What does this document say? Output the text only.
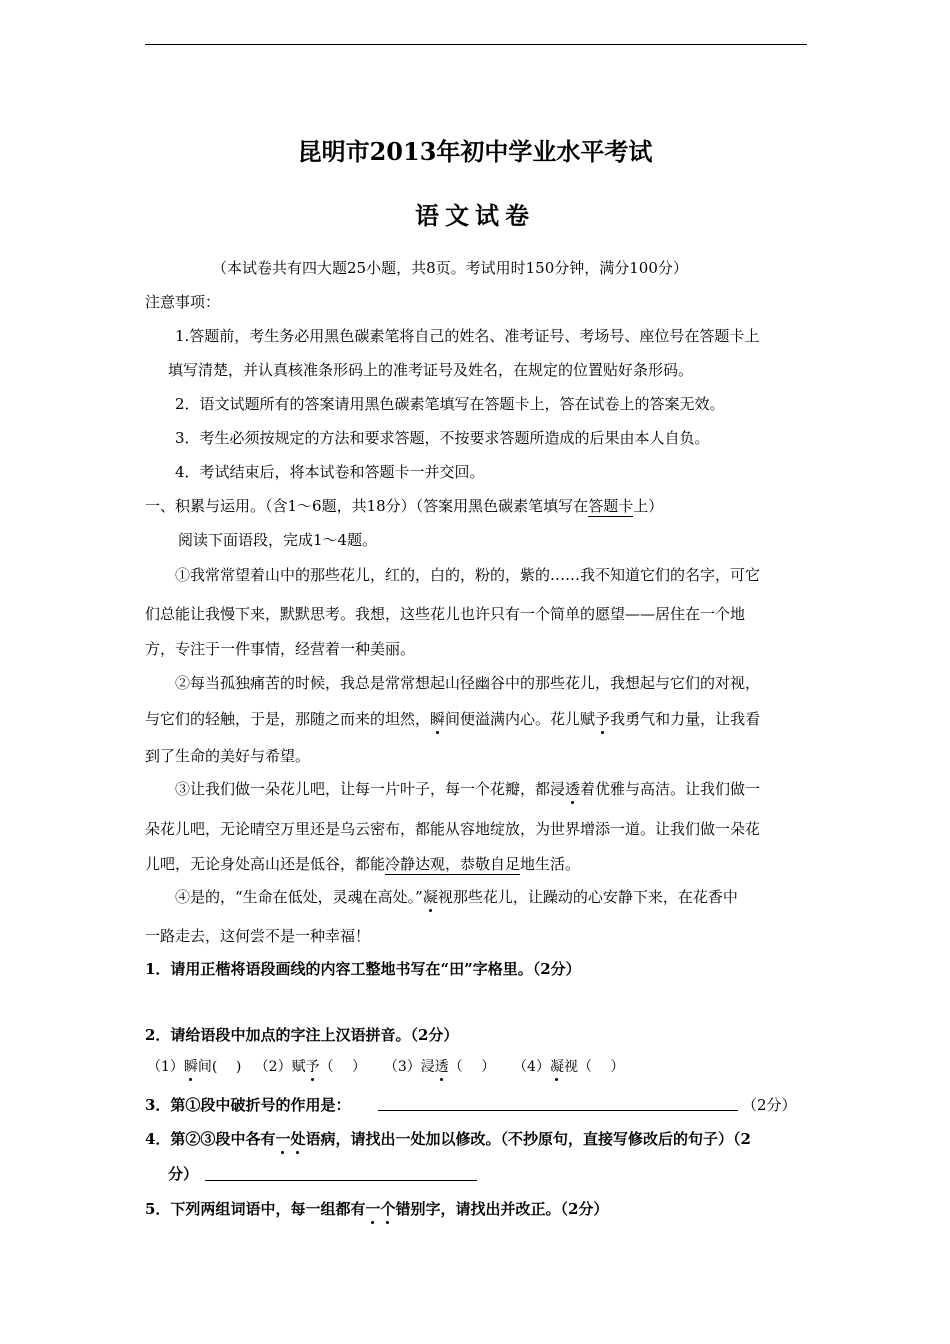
昆明市2013年初中学业水平考试
语文试卷
（本试卷共有四大题25小题，共8页。考试用时150分钟，满分100分）
注意事项：
1.答题前，考生务必用黑色碳素笔将自己的姓名、准考证号、考场号、座位号在答题卡上
填写清楚，并认真核准条形码上的准考证号及姓名，在规定的位置贴好条形码。
2．语文试题所有的答案请用黑色碳素笔填写在答题卡上，答在试卷上的答案无效。
3．考生必须按规定的方法和要求答题，不按要求答题所造成的后果由本人自负。
4．考试结束后，将本试卷和答题卡一并交回。
一、积累与运用。（含1～6题，共18分）（答案用黑色碳素笔填写在答题卡上）
阅读下面语段，完成1～4题。
①我常常望着山中的那些花儿，红的，白的，粉的，紫的……我不知道它们的名字，可它
们总能让我慢下来，默默思考。我想，这些花儿也许只有一个简单的愿望——居住在一个地
方，专注于一件事情，经营着一种美丽。
②每当孤独痛苦的时候，我总是常常想起山径幽谷中的那些花儿，我想起与它们的对视，
与它们的轻触，于是，那随之而来的坦然，瞬间便溢满内心。花儿赋予我勇气和力量，让我看
到了生命的美好与希望。
③让我们做一朵花儿吧，让每一片叶子，每一个花瓣，都浸透着优雅与高洁。让我们做一
朵花儿吧，无论晴空万里还是乌云密布，都能从容地绽放，为世界增添一道。让我们做一朵花
儿吧，无论身处高山还是低谷，都能冷静达观，恭敬自足地生活。
④是的，“生命在低处，灵魂在高处。”凝视那些花儿，让躁动的心安静下来，在花香中
一路走去，这何尝不是一种幸福！
1．请用正楷将语段画线的内容工整地书写在“田”字格里。（2分）
2．请给语段中加点的字注上汉语拼音。（2分）
（1）瞬间(　 ) （2）赋予（　 ） （3）浸透（　 ） （4）凝视（　 ）
3．第①段中破折号的作用是：	（2分）
4．第②③段中各有一处语病，请找出一处加以修改。（不抄原句，直接写修改后的句子）（2
分）
5．下列两组词语中，每一组都有一个错别字，请找出并改正。（2分）
